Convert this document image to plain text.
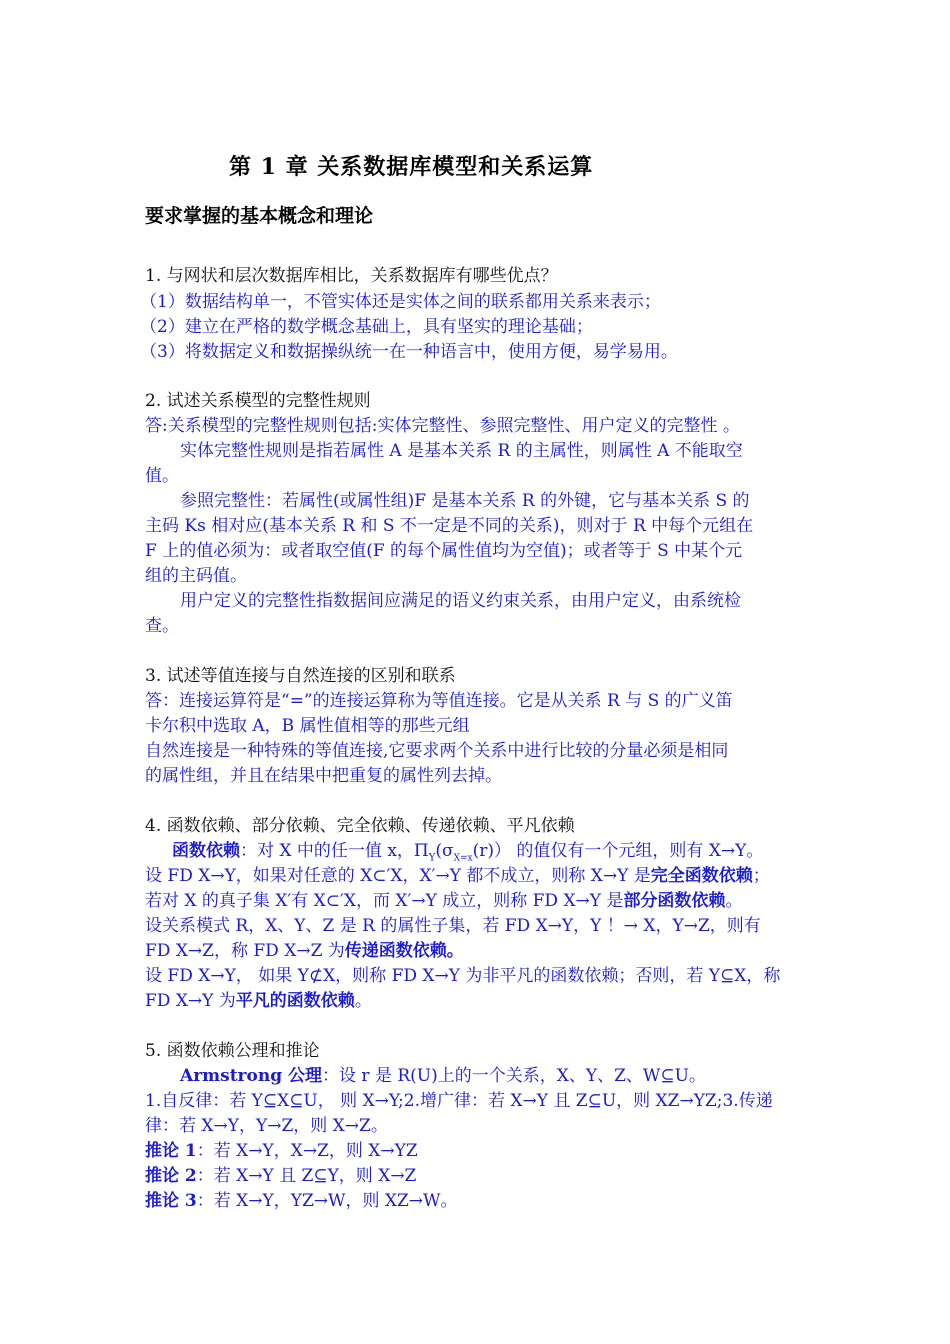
第 1 章 关系数据库模型和关系运算
要求掌握的基本概念和理论
1. 与网状和层次数据库相比，关系数据库有哪些优点？
（1）数据结构单一，不管实体还是实体之间的联系都用关系来表示；
（2）建立在严格的数学概念基础上，具有坚实的理论基础；
（3）将数据定义和数据操纵统一在一种语言中，使用方便，易学易用。
2. 试述关系模型的完整性规则
答:关系模型的完整性规则包括:实体完整性、参照完整性、用户定义的完整性 。
实体完整性规则是指若属性 A 是基本关系 R 的主属性，则属性 A 不能取空
值。
参照完整性：若属性(或属性组)F 是基本关系 R 的外键，它与基本关系 S 的
主码 Ks 相对应(基本关系 R 和 S 不一定是不同的关系)，则对于 R 中每个元组在
F 上的值必须为：或者取空值(F 的每个属性值均为空值)；或者等于 S 中某个元
组的主码值。
用户定义的完整性指数据间应满足的语义约束关系，由用户定义，由系统检
查。
3. 试述等值连接与自然连接的区别和联系
答：连接运算符是“=”的连接运算称为等值连接。它是从关系 R 与 S 的广义笛
卡尔积中选取 A，B 属性值相等的那些元组
自然连接是一种特殊的等值连接,它要求两个关系中进行比较的分量必须是相同
的属性组，并且在结果中把重复的属性列去掉。
4. 函数依赖、部分依赖、完全依赖、传递依赖、平凡依赖
函数依赖：对 X 中的任一值 x，$\Pi_Y(\sigma_{X=x}(r))$ 的值仅有一个元组，则有 X→Y。
设 FD X→Y，如果对任意的 X⊂′X，X′→Y 都不成立，则称 X→Y 是完全函数依赖；
若对 X 的真子集 X′有 X⊂′X，而 X′→Y 成立，则称 FD X→Y 是部分函数依赖。
设关系模式 R，X、Y、Z 是 R 的属性子集，若 FD X→Y，Y ！→ X，Y→Z，则有
FD X→Z，称 FD X→Z 为传递函数依赖。
设 FD X→Y， 如果 Y⊄X，则称 FD X→Y 为非平凡的函数依赖；否则，若 Y⊆X，称
FD X→Y 为平凡的函数依赖。
5. 函数依赖公理和推论
Armstrong 公理：设 r 是 R(U)上的一个关系，X、Y、Z、W⊆U。
1.自反律：若 Y⊆X⊆U， 则 X→Y;2.增广律：若 X→Y 且 Z⊆U，则 XZ→YZ;3.传递
律：若 X→Y，Y→Z，则 X→Z。
推论 1：若 X→Y，X→Z，则 X→YZ
推论 2：若 X→Y 且 Z⊆Y，则 X→Z
推论 3：若 X→Y，YZ→W，则 XZ→W。
